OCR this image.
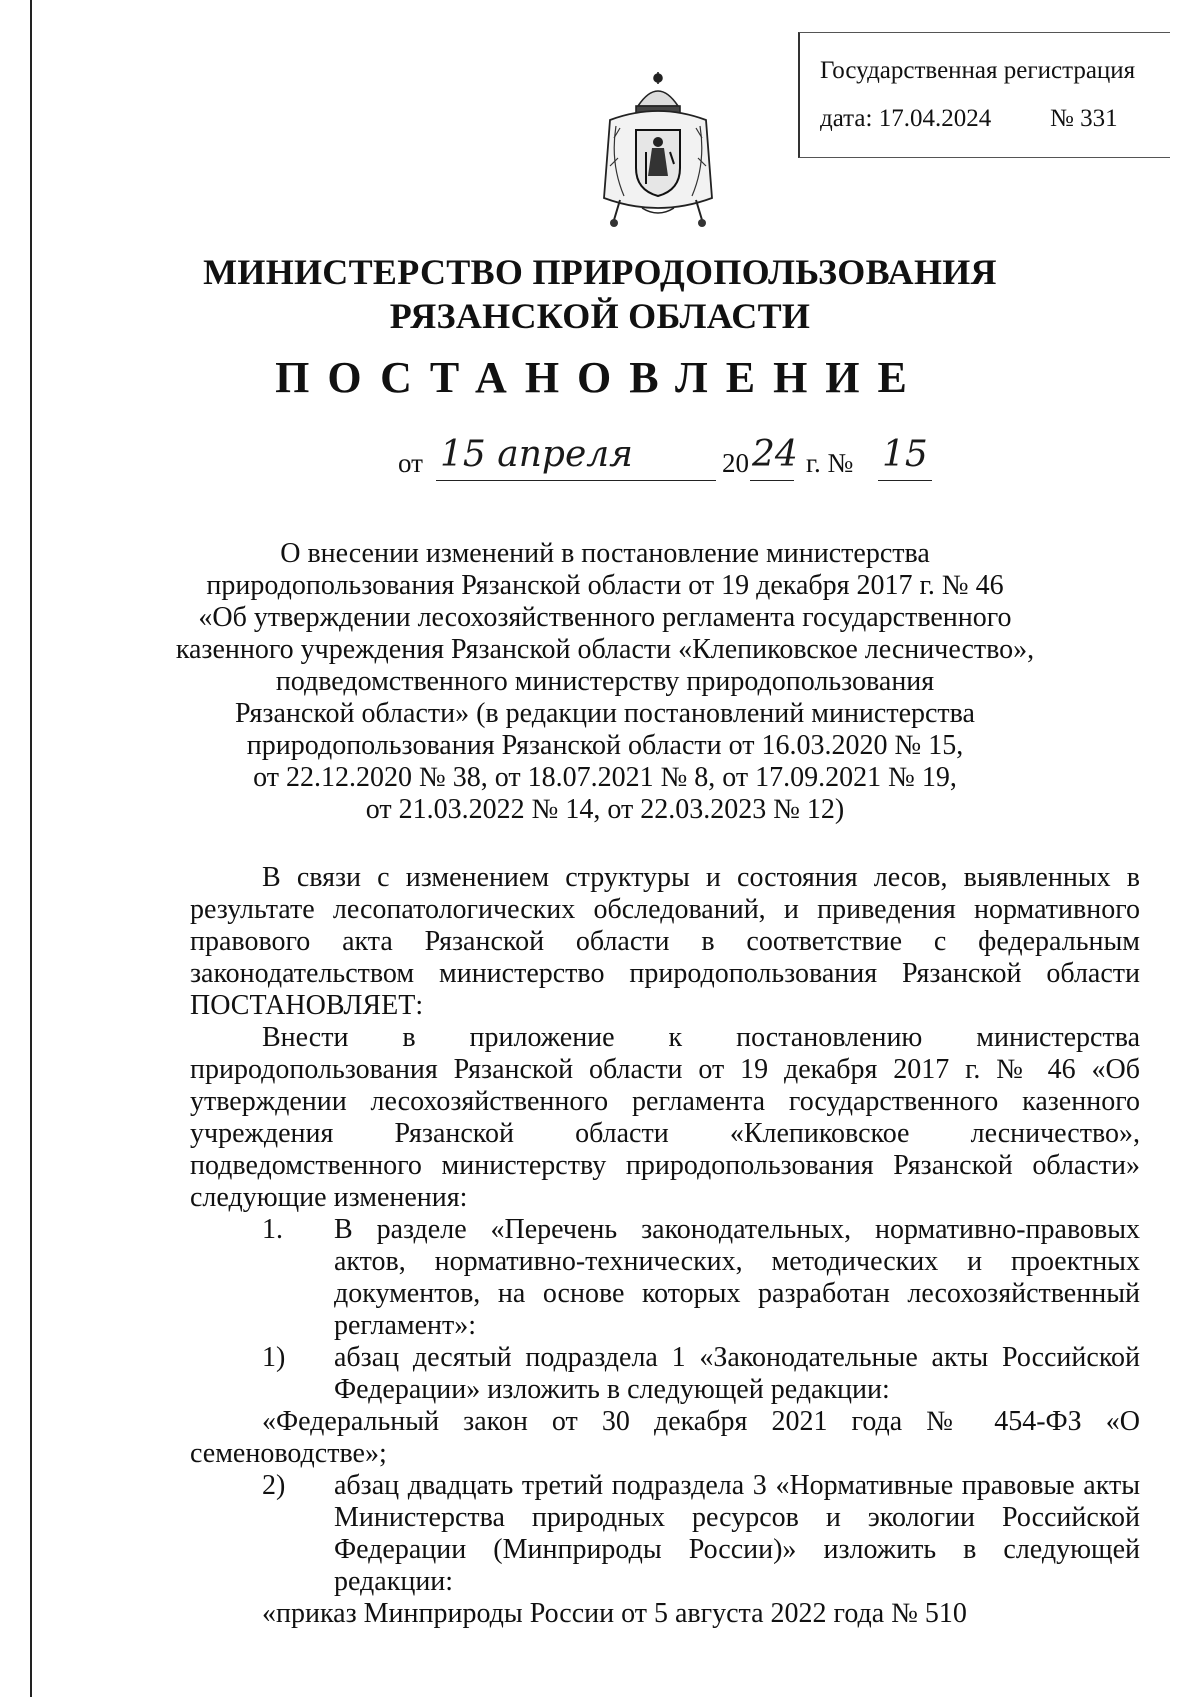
Государственная регистрация
дата: 17.04.2024 № 331
МИНИСТЕРСТВО ПРИРОДОПОЛЬЗОВАНИЯ
РЯЗАНСКОЙ ОБЛАСТИ
ПОСТАНОВЛЕНИЕ
от 15 апреля	20 24 г. № 15
О внесении изменений в постановление министерства
природопользования Рязанской области от 19 декабря 2017 г. № 46
«Об утверждении лесохозяйственного регламента государственного
казенного учреждения Рязанской области «Клепиковское лесничество»,
подведомственного министерству природопользования
Рязанской области» (в редакции постановлений министерства
природопользования Рязанской области от 16.03.2020 № 15,
от 22.12.2020 № 38, от 18.07.2021 № 8, от 17.09.2021 № 19,
от 21.03.2022 № 14, от 22.03.2023 № 12)

В связи с изменением структуры и состояния лесов, выявленных в результате лесопатологических обследований, и приведения нормативного правового акта Рязанской области в соответствие с федеральным законодательством министерство природопользования Рязанской области ПОСТАНОВЛЯЕТ:

Внести в приложение к постановлению министерства природопользования Рязанской области от 19 декабря 2017 г. № 46 «Об утверждении лесохозяйственного регламента государственного казенного учреждения Рязанской области «Клепиковское лесничество», подведомственного министерству природопользования Рязанской области» следующие изменения:

1.	В разделе «Перечень законодательных, нормативно-правовых актов, нормативно-технических, методических и проектных документов, на основе которых разработан лесохозяйственный регламент»:
1)	абзац десятый подраздела 1 «Законодательные акты Российской Федерации» изложить в следующей редакции:

«Федеральный закон от 30 декабря 2021 года № 454-ФЗ «О семеноводстве»;

2)	абзац двадцать третий подраздела 3 «Нормативные правовые акты Министерства природных ресурсов и экологии Российской Федерации (Минприроды России)» изложить в следующей редакции:

«приказ Минприроды России от 5 августа 2022 года № 510
